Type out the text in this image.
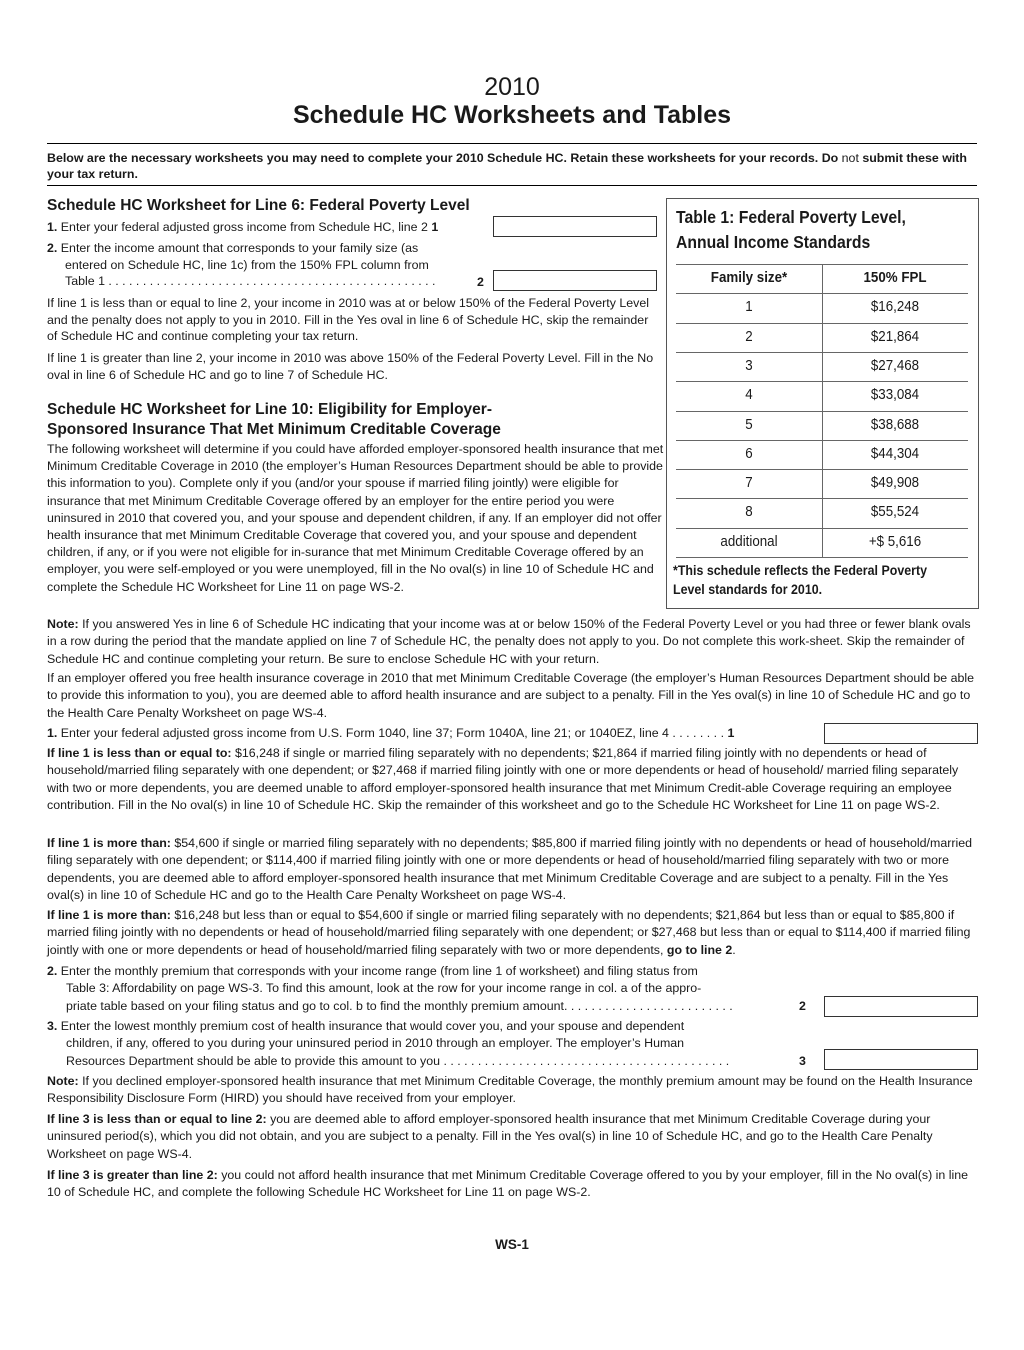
2010
Schedule HC Worksheets and Tables
Below are the necessary worksheets you may need to complete your 2010 Schedule HC. Retain these worksheets for your records. Do not submit these with your tax return.
Schedule HC Worksheet for Line 6: Federal Poverty Level
1. Enter your federal adjusted gross income from Schedule HC, line 2 1
2. Enter the income amount that corresponds to your family size (as
entered on Schedule HC, line 1c) from the 150% FPL column from
Table 1 . . . . . . . . . . . . . . . . . . . . . . . . . . . . . . . . . . . . . . . . . . . . . . . .	2
If line 1 is less than or equal to line 2, your income in 2010 was at or below 150% of the Federal Poverty Level and the penalty does not apply to you in 2010. Fill in the Yes oval in line 6 of Schedule HC, skip the remainder of Schedule HC and continue completing your tax return.
If line 1 is greater than line 2, your income in 2010 was above 150% of the Federal Poverty Level. Fill in the No oval in line 6 of Schedule HC and go to line 7 of Schedule HC.
Table 1: Federal Poverty Level,
Annual Income Standards
Family size*	150% FPL
1	$16,248
2	$21,864
3	$27,468
4	$33,084
5	$38,688
6	$44,304
7	$49,908
8	$55,524
additional	+$ 5,616
*This schedule reflects the Federal Poverty Level standards for 2010.
Schedule HC Worksheet for Line 10: Eligibility for Employer-
Sponsored Insurance That Met Minimum Creditable Coverage
The following worksheet will determine if you could have afforded employer-sponsored health insurance that met Minimum Creditable Coverage in 2010 (the employer’s Human Resources Department should be able to provide this information to you). Complete only if you (and/or your spouse if married filing jointly) were eligible for insurance that met Minimum Creditable Coverage offered by an employer for the entire period you were uninsured in 2010 that covered you, and your spouse and dependent children, if any. If an employer did not offer health insurance that met Minimum Creditable Coverage that covered you, and your spouse and dependent children, if any, or if you were not eligible for in-surance that met Minimum Creditable Coverage offered by an employer, you were self-employed or you were unemployed, fill in the No oval(s) in line 10 of Schedule HC and complete the Schedule HC Worksheet for Line 11 on page WS-2.
Note: If you answered Yes in line 6 of Schedule HC indicating that your income was at or below 150% of the Federal Poverty Level or you had three or fewer blank ovals in a row during the period that the mandate applied on line 7 of Schedule HC, the penalty does not apply to you. Do not complete this work-sheet. Skip the remainder of Schedule HC and continue completing your return. Be sure to enclose Schedule HC with your return.
If an employer offered you free health insurance coverage in 2010 that met Minimum Creditable Coverage (the employer’s Human Resources Department should be able to provide this information to you), you are deemed able to afford health insurance and are subject to a penalty. Fill in the Yes oval(s) in line 10 of Schedule HC and go to the Health Care Penalty Worksheet on page WS-4.
1. Enter your federal adjusted gross income from U.S. Form 1040, line 37; Form 1040A, line 21; or 1040EZ, line 4 . . . . . . . . 1
If line 1 is less than or equal to: $16,248 if single or married filing separately with no dependents; $21,864 if married filing jointly with no dependents or head of household/married filing separately with one dependent; or $27,468 if married filing jointly with one or more dependents or head of household/ married filing separately with two or more dependents, you are deemed unable to afford employer-sponsored health insurance that met Minimum Credit-able Coverage requiring an employee contribution. Fill in the No oval(s) in line 10 of Schedule HC. Skip the remainder of this worksheet and go to the Schedule HC Worksheet for Line 11 on page WS-2.
If line 1 is more than: $54,600 if single or married filing separately with no dependents; $85,800 if married filing jointly with no dependents or head of household/married filing separately with one dependent; or $114,400 if married filing jointly with one or more dependents or head of household/married filing separately with two or more dependents, you are deemed able to afford employer-sponsored health insurance that met Minimum Creditable Coverage and are subject to a penalty. Fill in the Yes oval(s) in line 10 of Schedule HC and go to the Health Care Penalty Worksheet on page WS-4.
If line 1 is more than: $16,248 but less than or equal to $54,600 if single or married filing separately with no dependents; $21,864 but less than or equal to $85,800 if married filing jointly with no dependents or head of household/married filing separately with one dependent; or $27,468 but less than or equal to $114,400 if married filing jointly with one or more dependents or head of household/married filing separately with two or more dependents, go to line 2.
2. Enter the monthly premium that corresponds with your income range (from line 1 of worksheet) and filing status from
Table 3: Affordability on page WS-3. To find this amount, look at the row for your income range in col. a of the appro-
priate table based on your filing status and go to col. b to find the monthly premium amount. . . . . . . . . . . . . . . . . . . . . . . . .	2
3. Enter the lowest monthly premium cost of health insurance that would cover you, and your spouse and dependent
children, if any, offered to you during your uninsured period in 2010 through an employer. The employer’s Human
Resources Department should be able to provide this amount to you . . . . . . . . . . . . . . . . . . . . . . . . . . . . . . . . . . . . . . . . . .	3
Note: If you declined employer-sponsored health insurance that met Minimum Creditable Coverage, the monthly premium amount may be found on the Health Insurance Responsibility Disclosure Form (HIRD) you should have received from your employer.
If line 3 is less than or equal to line 2: you are deemed able to afford employer-sponsored health insurance that met Minimum Creditable Coverage during your uninsured period(s), which you did not obtain, and you are subject to a penalty. Fill in the Yes oval(s) in line 10 of Schedule HC, and go to the Health Care Penalty Worksheet on page WS-4.
If line 3 is greater than line 2: you could not afford health insurance that met Minimum Creditable Coverage offered to you by your employer, fill in the No oval(s) in line 10 of Schedule HC, and complete the following Schedule HC Worksheet for Line 11 on page WS-2.
WS-1
